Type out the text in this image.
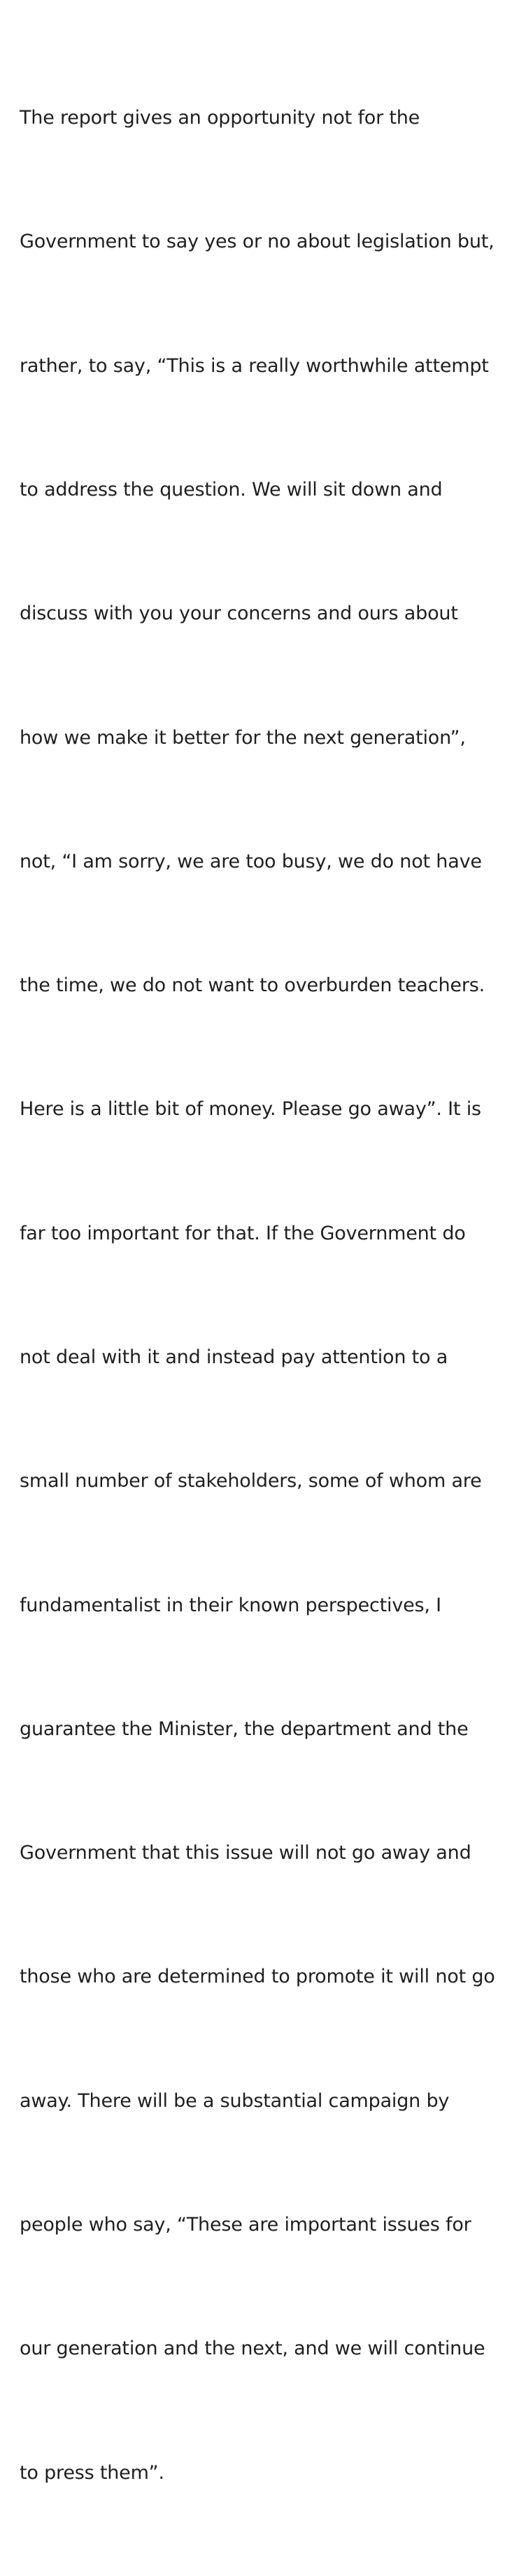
The report gives an opportunity not for the

Government to say yes or no about legislation but,

rather, to say, “This is a really worthwhile attempt

to address the question. We will sit down and

discuss with you your concerns and ours about

how we make it better for the next generation”,

not, “I am sorry, we are too busy, we do not have

the time, we do not want to overburden teachers.

Here is a little bit of money. Please go away”. It is

far too important for that. If the Government do

not deal with it and instead pay attention to a

small number of stakeholders, some of whom are

fundamentalist in their known perspectives, I

guarantee the Minister, the department and the

Government that this issue will not go away and

those who are determined to promote it will not go

away. There will be a substantial campaign by

people who say, “These are important issues for

our generation and the next, and we will continue

to press them”.
